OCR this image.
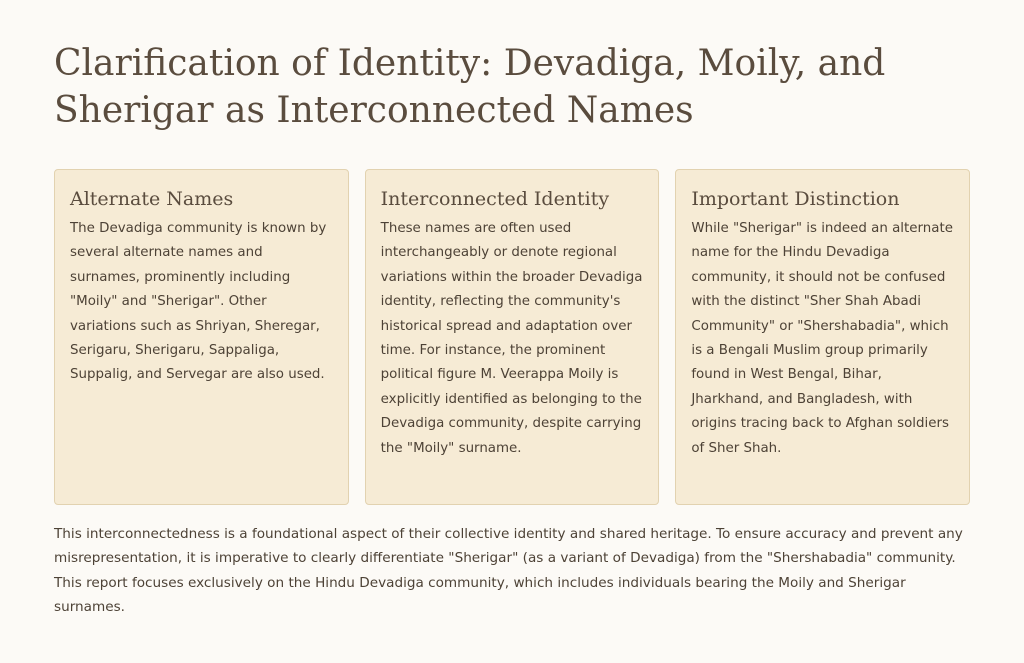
Clarification of Identity: Devadiga, Moily, and Sherigar as Interconnected Names
Alternate Names

The Devadiga community is known by several alternate names and surnames, prominently including "Moily" and "Sherigar". Other variations such as Shriyan, Sheregar, Serigaru, Sherigaru, Sappaliga, Suppalig, and Servegar are also used.

Interconnected Identity

These names are often used interchangeably or denote regional variations within the broader Devadiga identity, reflecting the community's historical spread and adaptation over time. For instance, the prominent political figure M. Veerappa Moily is explicitly identified as belonging to the Devadiga community, despite carrying the "Moily" surname.

Important Distinction

While "Sherigar" is indeed an alternate name for the Hindu Devadiga community, it should not be confused with the distinct "Sher Shah Abadi Community" or "Shershabadia", which is a Bengali Muslim group primarily found in West Bengal, Bihar, Jharkhand, and Bangladesh, with origins tracing back to Afghan soldiers of Sher Shah.

This interconnectedness is a foundational aspect of their collective identity and shared heritage. To ensure accuracy and prevent any misrepresentation, it is imperative to clearly differentiate "Sherigar" (as a variant of Devadiga) from the "Shershabadia" community. This report focuses exclusively on the Hindu Devadiga community, which includes individuals bearing the Moily and Sherigar surnames.
